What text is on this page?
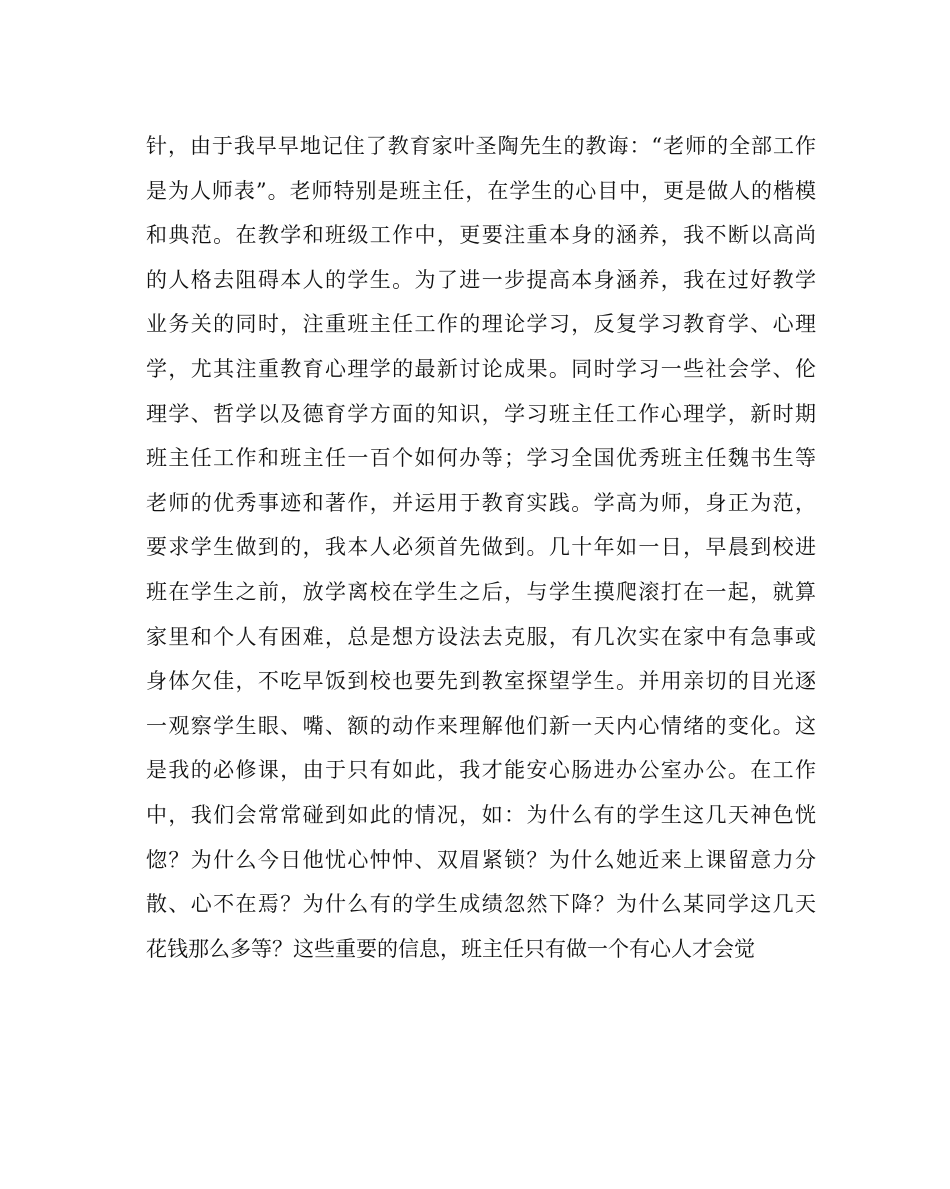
针，由于我早早地记住了教育家叶圣陶先生的教诲：“老师的全部工作
是为人师表”。老师特别是班主任，在学生的心目中，更是做人的楷模
和典范。在教学和班级工作中，更要注重本身的涵养，我不断以高尚
的人格去阻碍本人的学生。为了进一步提高本身涵养，我在过好教学
业务关的同时，注重班主任工作的理论学习，反复学习教育学、心理
学，尤其注重教育心理学的最新讨论成果。同时学习一些社会学、伦
理学、哲学以及德育学方面的知识，学习班主任工作心理学，新时期
班主任工作和班主任一百个如何办等；学习全国优秀班主任魏书生等
老师的优秀事迹和著作，并运用于教育实践。学高为师，身正为范，
要求学生做到的，我本人必须首先做到。几十年如一日，早晨到校进
班在学生之前，放学离校在学生之后，与学生摸爬滚打在一起，就算
家里和个人有困难，总是想方设法去克服，有几次实在家中有急事或
身体欠佳，不吃早饭到校也要先到教室探望学生。并用亲切的目光逐
一观察学生眼、嘴、额的动作来理解他们新一天内心情绪的变化。这
是我的必修课，由于只有如此，我才能安心肠进办公室办公。在工作
中，我们会常常碰到如此的情况，如：为什么有的学生这几天神色恍
惚？为什么今日他忧心忡忡、双眉紧锁？为什么她近来上课留意力分
散、心不在焉？为什么有的学生成绩忽然下降？为什么某同学这几天
花钱那么多等？这些重要的信息，班主任只有做一个有心人才会觉
